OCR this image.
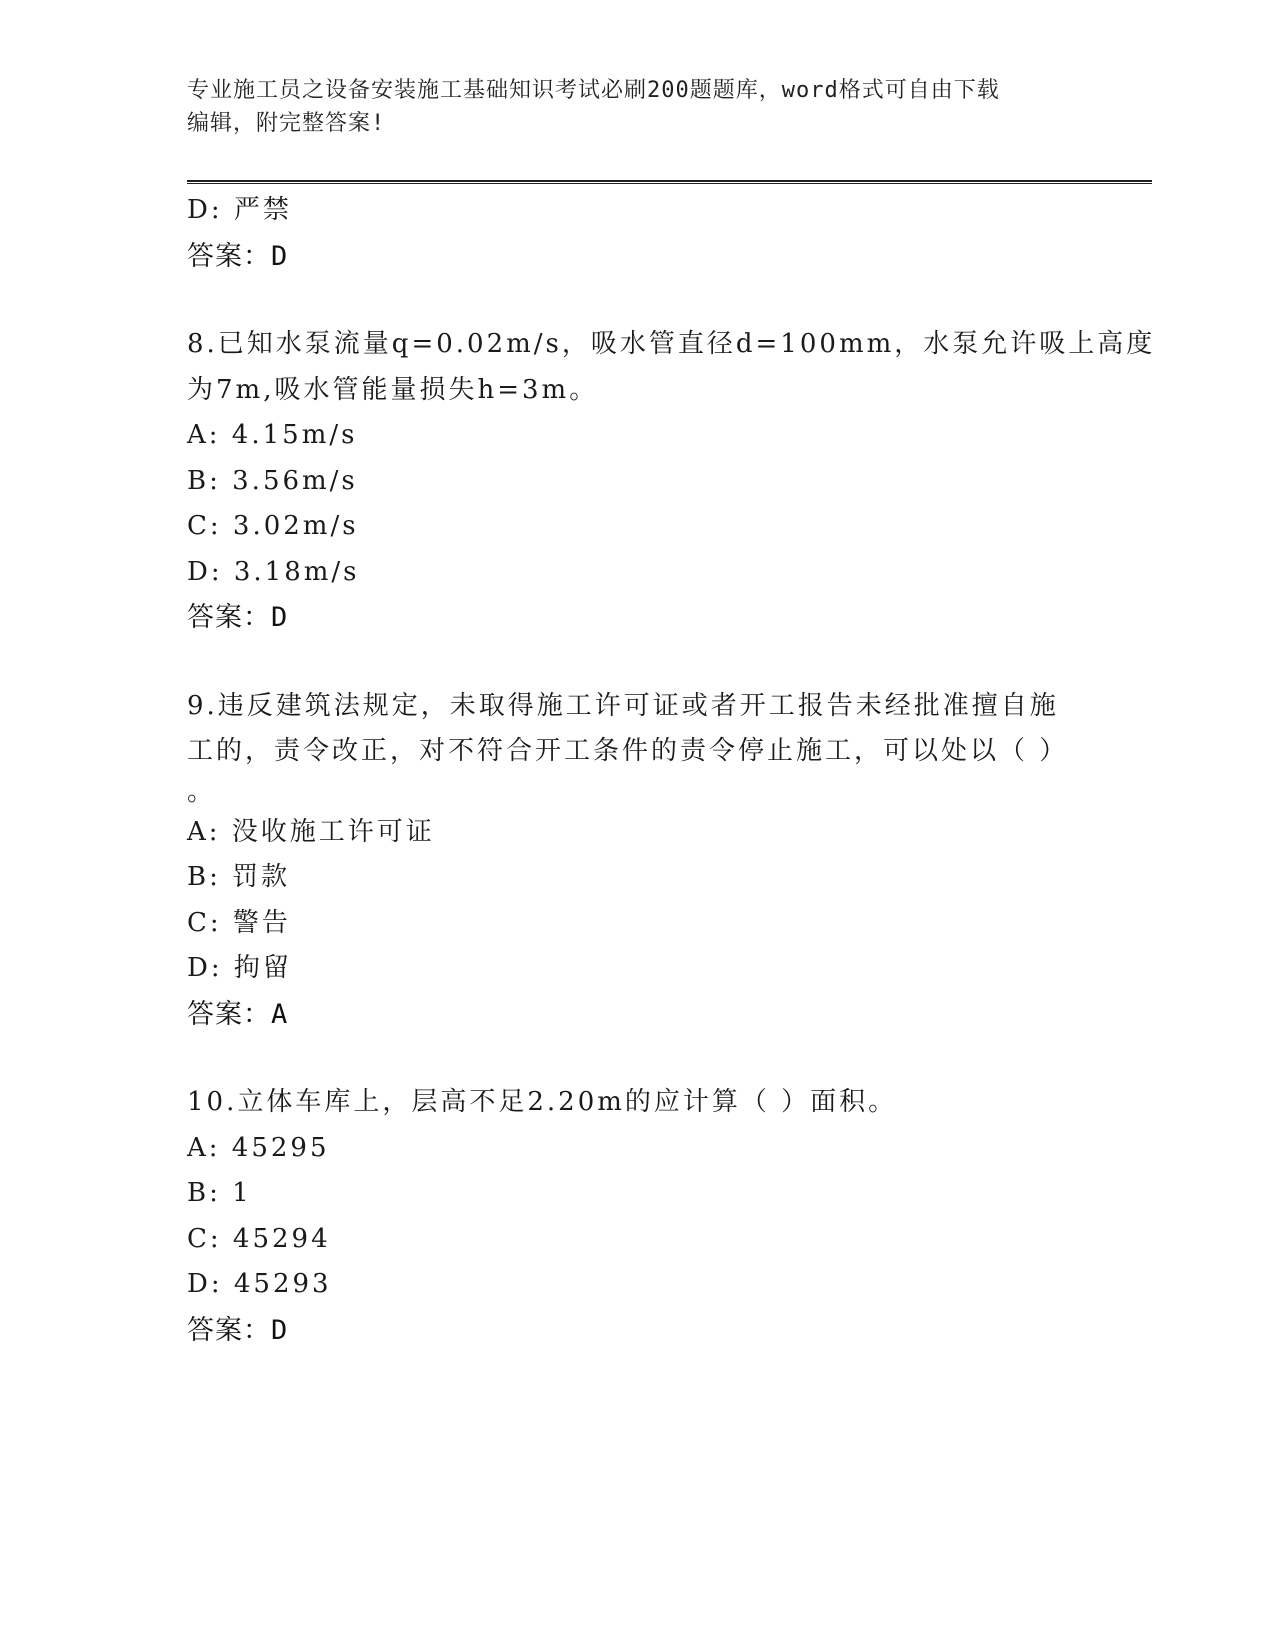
专业施工员之设备安装施工基础知识考试必刷200题题库，word格式可自由下载
编辑，附完整答案!
D: 严禁
答案：D
8.已知水泵流量q=0.02m/s，吸水管直径d=100mm，水泵允许吸上高度
为7m,吸水管能量损失h=3m。
A: 4.15m/s
B: 3.56m/s
C: 3.02m/s
D: 3.18m/s
答案：D
9.违反建筑法规定，未取得施工许可证或者开工报告未经批准擅自施
工的，责令改正，对不符合开工条件的责令停止施工，可以处以（ ）
。
A: 没收施工许可证
B: 罚款
C: 警告
D: 拘留
答案：A
10.立体车库上，层高不足2.20m的应计算（ ）面积。
A: 45295
B: 1
C: 45294
D: 45293
答案：D
